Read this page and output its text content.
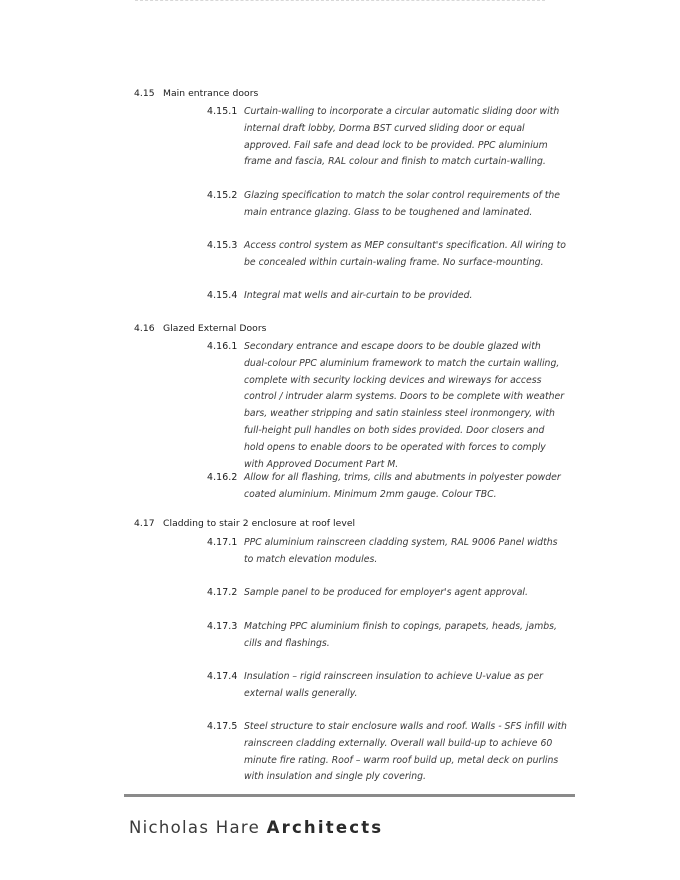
4.15 Main entrance doors
4.15.1 Curtain-walling to incorporate a circular automatic sliding door with internal draft lobby, Dorma BST curved sliding door or equal approved. Fail safe and dead lock to be provided. PPC aluminium frame and fascia, RAL colour and finish to match curtain-walling.
4.15.2 Glazing specification to match the solar control requirements of the main entrance glazing. Glass to be toughened and laminated.
4.15.3 Access control system as MEP consultant's specification. All wiring to be concealed within curtain-waling frame. No surface-mounting.
4.15.4 Integral mat wells and air-curtain to be provided.
4.16 Glazed External Doors
4.16.1 Secondary entrance and escape doors to be double glazed with dual-colour PPC aluminium framework to match the curtain walling, complete with security locking devices and wireways for access control / intruder alarm systems. Doors to be complete with weather bars, weather stripping and satin stainless steel ironmongery, with full-height pull handles on both sides provided. Door closers and hold opens to enable doors to be operated with forces to comply with Approved Document Part M.
4.16.2 Allow for all flashing, trims, cills and abutments in polyester powder coated aluminium. Minimum 2mm gauge. Colour TBC.
4.17 Cladding to stair 2 enclosure at roof level
4.17.1 PPC aluminium rainscreen cladding system, RAL 9006 Panel widths to match elevation modules.
4.17.2 Sample panel to be produced for employer's agent approval.
4.17.3 Matching PPC aluminium finish to copings, parapets, heads, jambs, cills and flashings.
4.17.4 Insulation – rigid rainscreen insulation to achieve U-value as per external walls generally.
4.17.5 Steel structure to stair enclosure walls and roof. Walls - SFS infill with rainscreen cladding externally. Overall wall build-up to achieve 60 minute fire rating. Roof – warm roof build up, metal deck on purlins with insulation and single ply covering.
Nicholas Hare Architects
